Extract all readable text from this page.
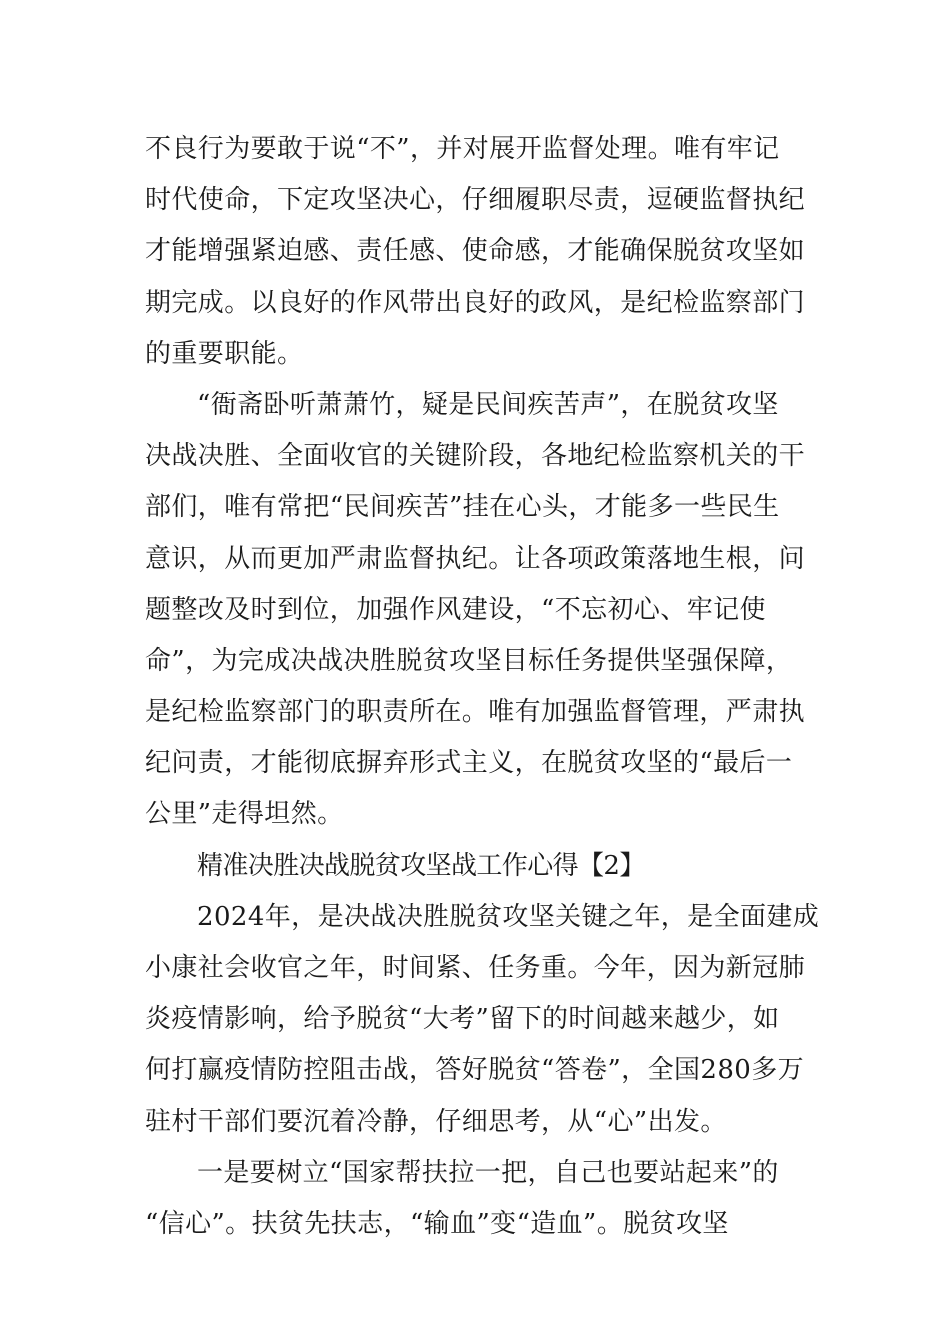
不良行为要敢于说“不”，并对展开监督处理。唯有牢记
时代使命，下定攻坚决心，仔细履职尽责，逗硬监督执纪
才能增强紧迫感、责任感、使命感，才能确保脱贫攻坚如
期完成。以良好的作风带出良好的政风，是纪检监察部门
的重要职能。
“衙斋卧听萧萧竹，疑是民间疾苦声”，在脱贫攻坚
决战决胜、全面收官的关键阶段，各地纪检监察机关的干
部们，唯有常把“民间疾苦”挂在心头，才能多一些民生
意识，从而更加严肃监督执纪。让各项政策落地生根，问
题整改及时到位，加强作风建设，“不忘初心、牢记使
命”，为完成决战决胜脱贫攻坚目标任务提供坚强保障，
是纪检监察部门的职责所在。唯有加强监督管理，严肃执
纪问责，才能彻底摒弃形式主义，在脱贫攻坚的“最后一
公里”走得坦然。
精准决胜决战脱贫攻坚战工作心得【2】
2024年，是决战决胜脱贫攻坚关键之年，是全面建成
小康社会收官之年，时间紧、任务重。今年，因为新冠肺
炎疫情影响，给予脱贫“大考”留下的时间越来越少，如
何打赢疫情防控阻击战，答好脱贫“答卷”，全国280多万
驻村干部们要沉着冷静，仔细思考，从“心”出发。
一是要树立“国家帮扶拉一把，自己也要站起来”的
“信心”。扶贫先扶志，“输血”变“造血”。脱贫攻坚
